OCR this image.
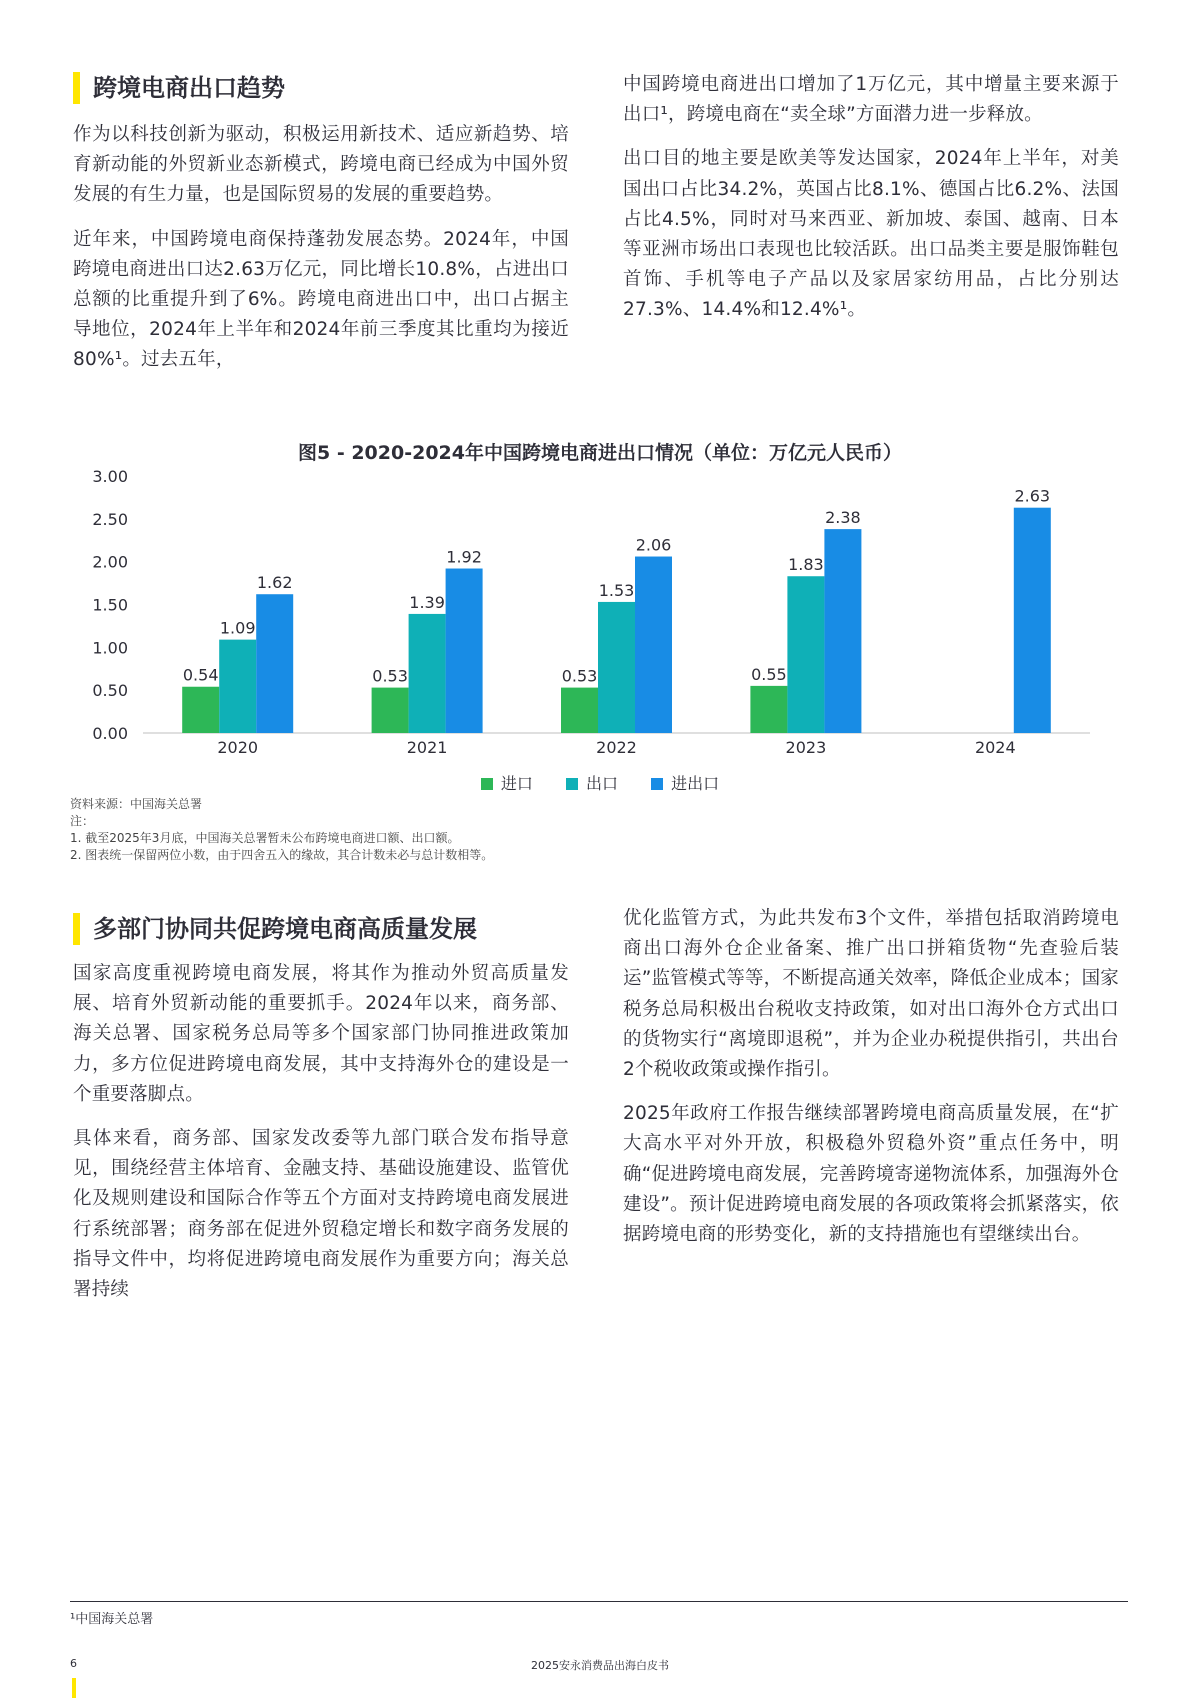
跨境电商出口趋势

作为以科技创新为驱动，积极运用新技术、适应新趋势、培育新动能的外贸新业态新模式，跨境电商已经成为中国外贸发展的有生力量，也是国际贸易的发展的重要趋势。

近年来，中国跨境电商保持蓬勃发展态势。2024年，中国跨境电商进出口达2.63万亿元，同比增长10.8%，占进出口总额的比重提升到了6%。跨境电商进出口中，出口占据主导地位，2024年上半年和2024年前三季度其比重均为接近80%¹。过去五年，

中国跨境电商进出口增加了1万亿元，其中增量主要来源于出口¹，跨境电商在“卖全球”方面潜力进一步释放。

出口目的地主要是欧美等发达国家，2024年上半年，对美国出口占比34.2%，英国占比8.1%、德国占比6.2%、法国占比4.5%，同时对马来西亚、新加坡、泰国、越南、日本等亚洲市场出口表现也比较活跃。出口品类主要是服饰鞋包首饰、手机等电子产品以及家居家纺用品，占比分别达27.3%、14.4%和12.4%¹。

图5 - 2020-2024年中国跨境电商进出口情况（单位：万亿元人民币）
0.00
0.50
1.00
1.50
2.00
2.50
3.00
2020
0.54
1.09
1.62
2021
0.53
1.39
1.92
2022
0.53
1.53
2.06
2023
0.55
1.83
2.38
2024
2.63
进口	出口	进出口
资料来源：中国海关总署
注：
1. 截至2025年3月底，中国海关总署暂未公布跨境电商进口额、出口额。
2. 图表统一保留两位小数，由于四舍五入的缘故，其合计数未必与总计数相等。
多部门协同共促跨境电商高质量发展

国家高度重视跨境电商发展，将其作为推动外贸高质量发展、培育外贸新动能的重要抓手。2024年以来，商务部、海关总署、国家税务总局等多个国家部门协同推进政策加力，多方位促进跨境电商发展，其中支持海外仓的建设是一个重要落脚点。

具体来看，商务部、国家发改委等九部门联合发布指导意见，围绕经营主体培育、金融支持、基础设施建设、监管优化及规则建设和国际合作等五个方面对支持跨境电商发展进行系统部署；商务部在促进外贸稳定增长和数字商务发展的指导文件中，均将促进跨境电商发展作为重要方向；海关总署持续

优化监管方式，为此共发布3个文件，举措包括取消跨境电商出口海外仓企业备案、推广出口拼箱货物“先查验后装运”监管模式等等，不断提高通关效率，降低企业成本；国家税务总局积极出台税收支持政策，如对出口海外仓方式出口的货物实行“离境即退税”，并为企业办税提供指引，共出台2个税收政策或操作指引。

2025年政府工作报告继续部署跨境电商高质量发展，在“扩大高水平对外开放，积极稳外贸稳外资”重点任务中，明确“促进跨境电商发展，完善跨境寄递物流体系，加强海外仓建设”。预计促进跨境电商发展的各项政策将会抓紧落实，依据跨境电商的形势变化，新的支持措施也有望继续出台。

¹中国海关总署
6	2025安永消费品出海白皮书
